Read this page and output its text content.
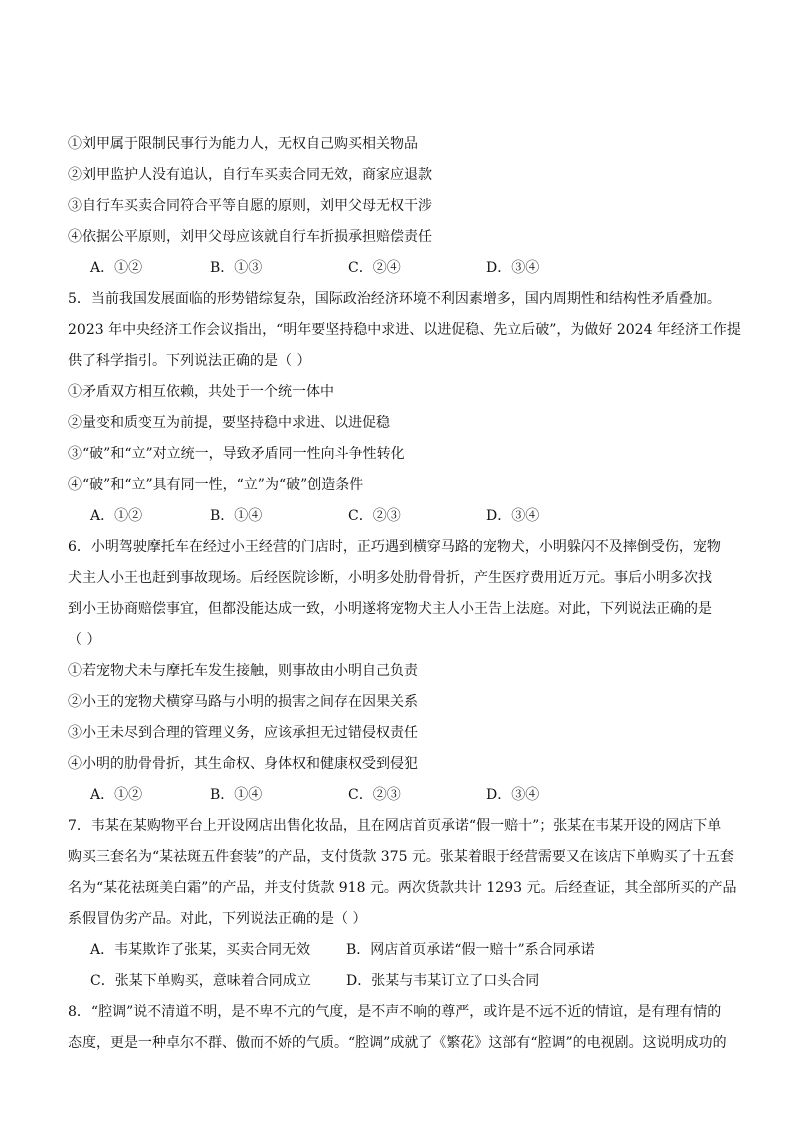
①刘甲属于限制民事行为能力人，无权自己购买相关物品
②刘甲监护人没有追认，自行车买卖合同无效，商家应退款
③自行车买卖合同符合平等自愿的原则，刘甲父母无权干涉
④依据公平原则，刘甲父母应该就自行车折损承担赔偿责任
A．①②	B．①③	C．②④	D．③④
5．当前我国发展面临的形势错综复杂，国际政治经济环境不利因素增多，国内周期性和结构性矛盾叠加。
2023 年中央经济工作会议指出，“明年要坚持稳中求进、以进促稳、先立后破”，为做好 2024 年经济工作提
供了科学指引。下列说法正确的是（ ）
①矛盾双方相互依赖，共处于一个统一体中
②量变和质变互为前提，要坚持稳中求进、以进促稳
③“破”和“立”对立统一，导致矛盾同一性向斗争性转化
④“破”和“立”具有同一性，“立”为“破”创造条件
A．①②	B．①④	C．②③	D．③④
6．小明驾驶摩托车在经过小王经营的门店时，正巧遇到横穿马路的宠物犬，小明躲闪不及摔倒受伤，宠物
犬主人小王也赶到事故现场。后经医院诊断，小明多处肋骨骨折，产生医疗费用近万元。事后小明多次找
到小王协商赔偿事宜，但都没能达成一致，小明遂将宠物犬主人小王告上法庭。对此，下列说法正确的是
（ ）
①若宠物犬未与摩托车发生接触，则事故由小明自己负责
②小王的宠物犬横穿马路与小明的损害之间存在因果关系
③小王未尽到合理的管理义务，应该承担无过错侵权责任
④小明的肋骨骨折，其生命权、身体权和健康权受到侵犯
A．①②	B．①④	C．②③	D．③④
7．韦某在某购物平台上开设网店出售化妆品，且在网店首页承诺“假一赔十”；张某在韦某开设的网店下单
购买三套名为“某祛斑五件套装”的产品，支付货款 375 元。张某着眼于经营需要又在该店下单购买了十五套
名为“某花祛斑美白霜”的产品，并支付货款 918 元。两次货款共计 1293 元。后经查证，其全部所买的产品
系假冒伪劣产品。对此，下列说法正确的是（ ）
A．韦某欺诈了张某，买卖合同无效	B．网店首页承诺“假一赔十”系合同承诺
C．张某下单购买，意味着合同成立	D．张某与韦某订立了口头合同
8．“腔调”说不清道不明，是不卑不亢的气度，是不声不响的尊严，或许是不远不近的情谊，是有理有情的
态度，更是一种卓尔不群、傲而不娇的气质。“腔调”成就了《繁花》这部有“腔调”的电视剧。这说明成功的
